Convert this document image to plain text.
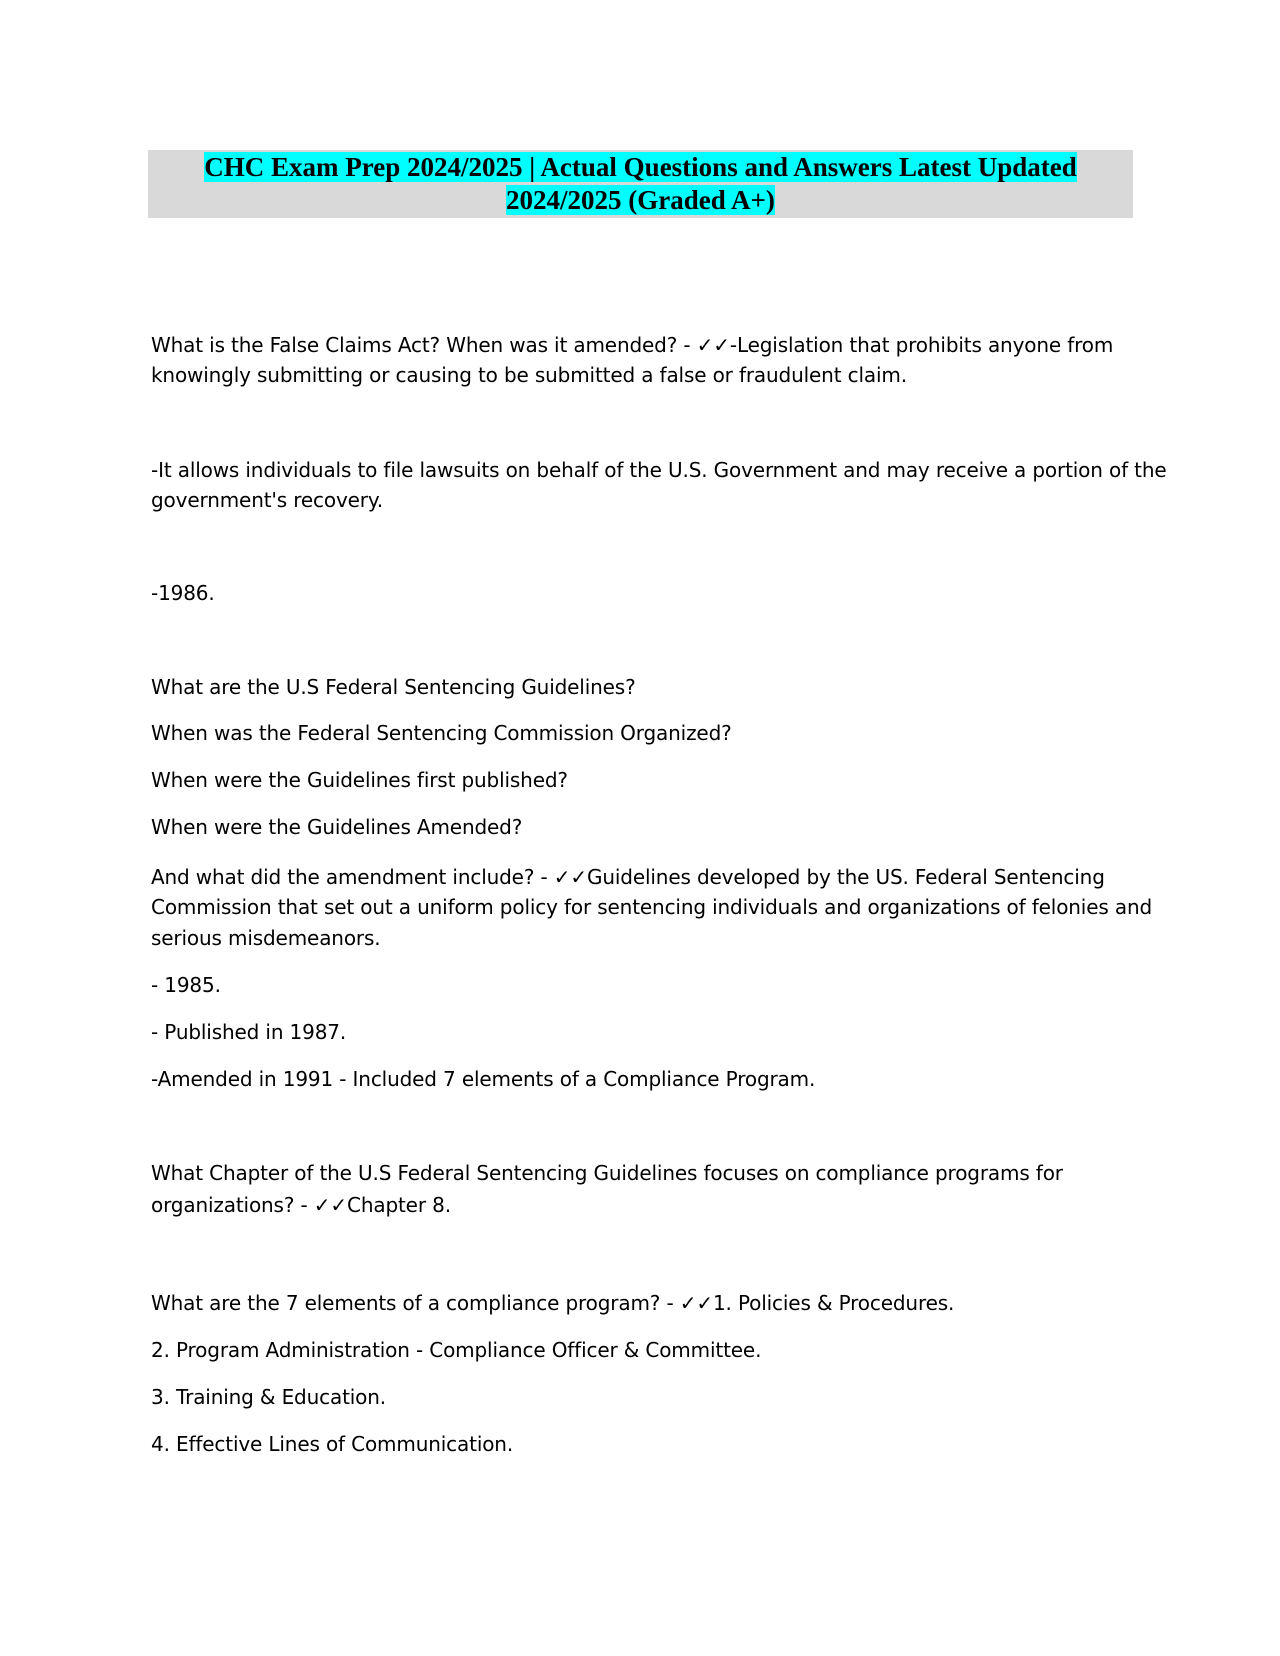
CHC Exam Prep 2024/2025 | Actual Questions and Answers Latest Updated
2024/2025 (Graded A+)
What is the False Claims Act? When was it amended? - ✓✓-Legislation that prohibits anyone from
knowingly submitting or causing to be submitted a false or fraudulent claim.
-It allows individuals to file lawsuits on behalf of the U.S. Government and may receive a portion of the
government's recovery.
-1986.
What are the U.S Federal Sentencing Guidelines?
When was the Federal Sentencing Commission Organized?
When were the Guidelines first published?
When were the Guidelines Amended?
And what did the amendment include? - ✓✓Guidelines developed by the US. Federal Sentencing
Commission that set out a uniform policy for sentencing individuals and organizations of felonies and
serious misdemeanors.
- 1985.
- Published in 1987.
-Amended in 1991 - Included 7 elements of a Compliance Program.
What Chapter of the U.S Federal Sentencing Guidelines focuses on compliance programs for
organizations? - ✓✓Chapter 8.
What are the 7 elements of a compliance program? - ✓✓1. Policies & Procedures.
2. Program Administration - Compliance Officer & Committee.
3. Training & Education.
4. Effective Lines of Communication.
